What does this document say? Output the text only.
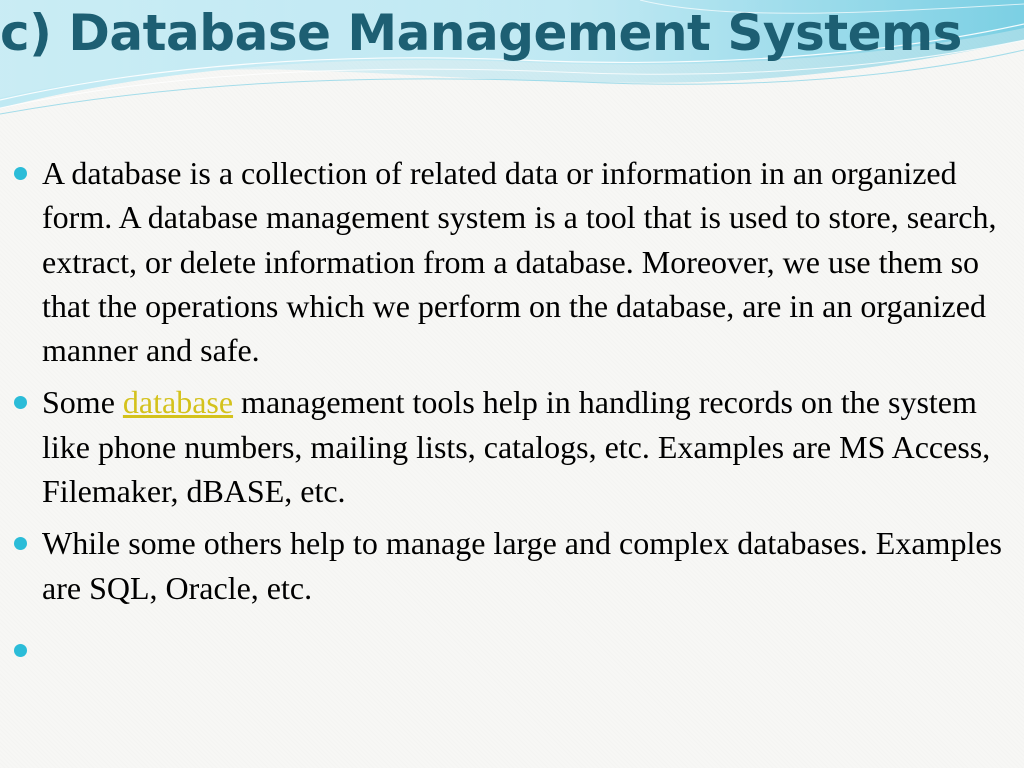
c) Database Management Systems
A database is a collection of related data or information in an organized form. A database management system is a tool that is used to store, search, extract, or delete information from a database. Moreover, we use them so that the operations which we perform on the database, are in an organized manner and safe.
Some database management tools help in handling records on the system like phone numbers, mailing lists, catalogs, etc. Examples are MS Access, Filemaker, dBASE, etc.
While some others help to manage large and complex databases. Examples are SQL, Oracle, etc.
